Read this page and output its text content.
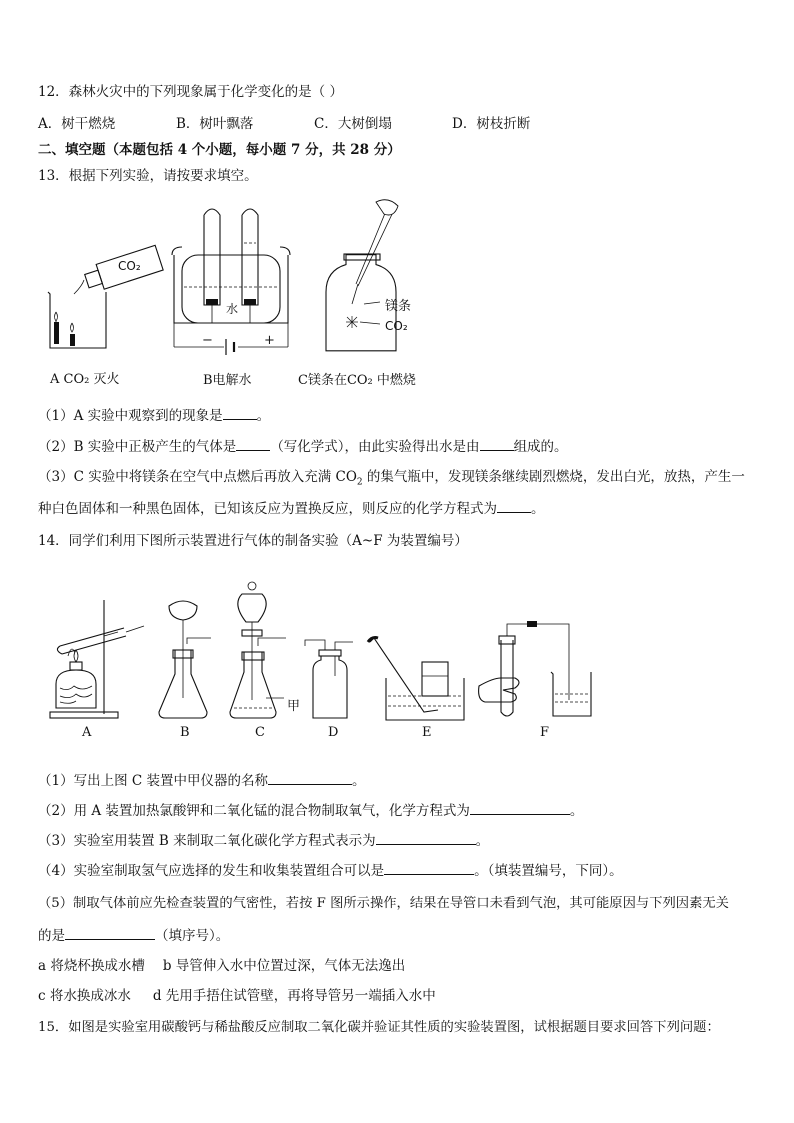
12．森林火灾中的下列现象属于化学变化的是（ ）
A．树干燃烧	B．树叶飘落	C．大树倒塌	D．树枝折断
二、填空题（本题包括 4 个小题，每小题 7 分，共 28 分）
13．根据下列实验，请按要求填空。
CO₂
−	+
水	镁条
CO₂
A CO₂ 灭火	B电解水	C镁条在CO₂ 中燃烧
（1）A 实验中观察到的现象是	。
（2）B 实验中正极产生的气体是	（写化学式），由此实验得出水是由	组成的。
（3）C 实验中将镁条在空气中点燃后再放入充满 $CO_2$ 的集气瓶中，发现镁条继续剧烈燃烧，发出白光，放热，产生一
种白色固体和一种黑色固体，已知该反应为置换反应，则反应的化学方程式为	。
14．同学们利用下图所示装置进行气体的制备实验（A~F 为装置编号）
甲
A	B	C	D	E	F
（1）写出上图 C 装置中甲仪器的名称	。
（2）用 A 装置加热氯酸钾和二氧化锰的混合物制取氧气，化学方程式为	。
（3）实验室用装置 B 来制取二氧化碳化学方程式表示为	。
（4）实验室制取氢气应选择的发生和收集装置组合可以是	。（填装置编号，下同）。
（5）制取气体前应先检查装置的气密性，若按 F 图所示操作，结果在导管口未看到气泡，其可能原因与下列因素无关
的是	（填序号）。
a 将烧杯换成水槽 b 导管伸入水中位置过深，气体无法逸出
c 将水换成冰水 d 先用手捂住试管壁，再将导管另一端插入水中
15．如图是实验室用碳酸钙与稀盐酸反应制取二氧化碳并验证其性质的实验装置图，试根据题目要求回答下列问题：
